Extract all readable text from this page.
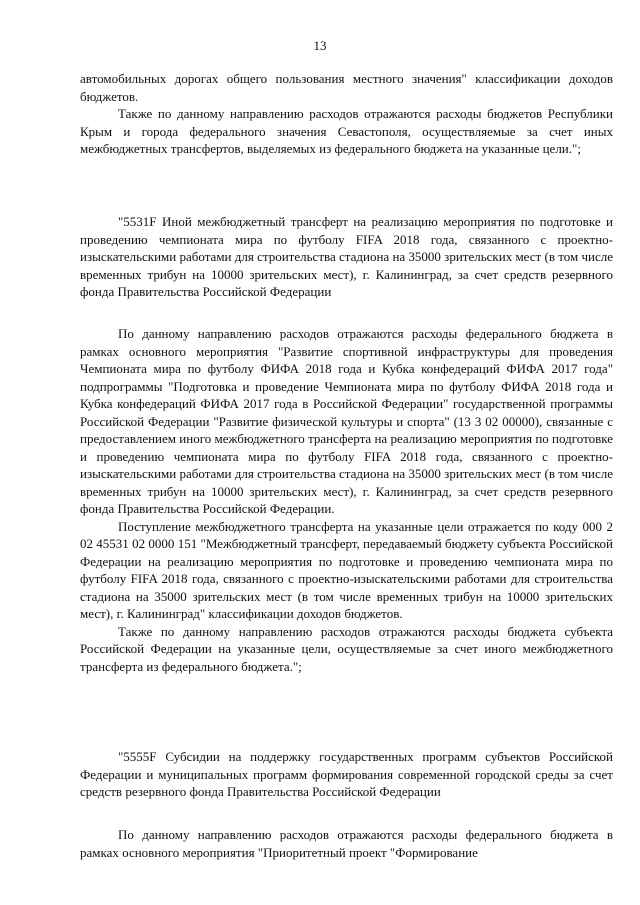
13

автомобильных дорогах общего пользования местного значения" классификации доходов бюджетов.

Также по данному направлению расходов отражаются расходы бюджетов Республики Крым и города федерального значения Севастополя, осуществляемые за счет иных межбюджетных трансфертов, выделяемых из федерального бюджета на указанные цели.";

"5531F Иной межбюджетный трансферт на реализацию мероприятия по подготовке и проведению чемпионата мира по футболу FIFA 2018 года, связанного с проектно-изыскательскими работами для строительства стадиона на 35000 зрительских мест (в том числе временных трибун на 10000 зрительских мест), г. Калининград, за счет средств резервного фонда Правительства Российской Федерации

По данному направлению расходов отражаются расходы федерального бюджета в рамках основного мероприятия "Развитие спортивной инфраструктуры для проведения Чемпионата мира по футболу ФИФА 2018 года и Кубка конфедераций ФИФА 2017 года" подпрограммы "Подготовка и проведение Чемпионата мира по футболу ФИФА 2018 года и Кубка конфедераций ФИФА 2017 года в Российской Федерации" государственной программы Российской Федерации "Развитие физической культуры и спорта" (13 3 02 00000), связанные с предоставлением иного межбюджетного трансферта на реализацию мероприятия по подготовке и проведению чемпионата мира по футболу FIFA 2018 года, связанного с проектно-изыскательскими работами для строительства стадиона на 35000 зрительских мест (в том числе временных трибун на 10000 зрительских мест), г. Калининград, за счет средств резервного фонда Правительства Российской Федерации.

Поступление межбюджетного трансферта на указанные цели отражается по коду 000 2 02 45531 02 0000 151 "Межбюджетный трансферт, передаваемый бюджету субъекта Российской Федерации на реализацию мероприятия по подготовке и проведению чемпионата мира по футболу FIFA 2018 года, связанного с проектно-изыскательскими работами для строительства стадиона на 35000 зрительских мест (в том числе временных трибун на 10000 зрительских мест), г. Калининград" классификации доходов бюджетов.

Также по данному направлению расходов отражаются расходы бюджета субъекта Российской Федерации на указанные цели, осуществляемые за счет иного межбюджетного трансферта из федерального бюджета.";

"5555F Субсидии на поддержку государственных программ субъектов Российской Федерации и муниципальных программ формирования современной городской среды за счет средств резервного фонда Правительства Российской Федерации

По данному направлению расходов отражаются расходы федерального бюджета в рамках основного мероприятия "Приоритетный проект "Формирование
